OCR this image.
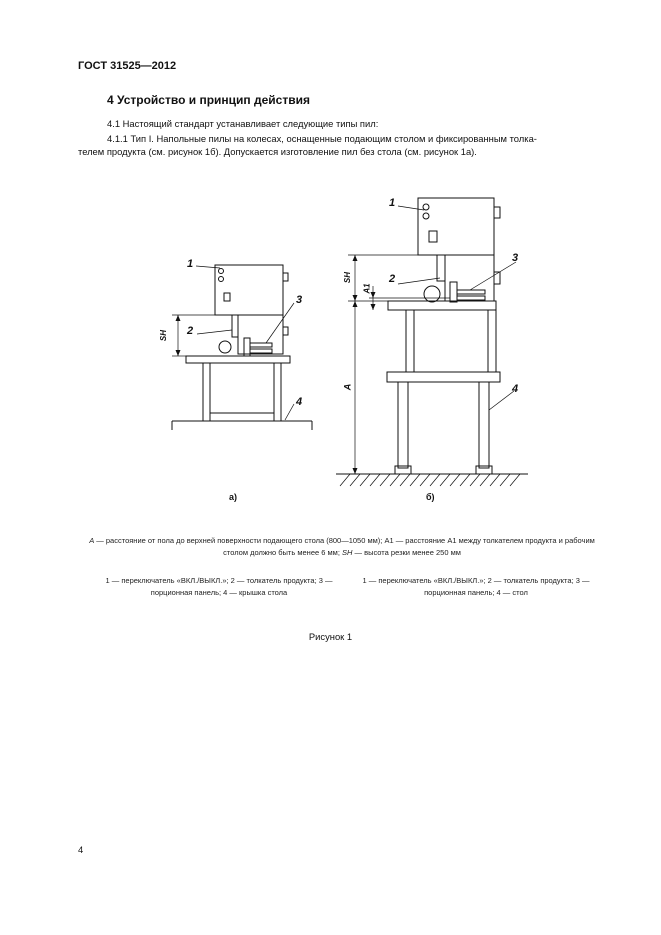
ГОСТ 31525—2012
4 Устройство и принцип действия
4.1 Настоящий стандарт устанавливает следующие типы пил:
4.1.1 Тип I. Напольные пилы на колесах, оснащенные подающим столом и фиксированным толка-
телем продукта (см. рисунок 1б). Допускается изготовление пил без стола (см. рисунок 1а).
1
2
3
4
SH
а)
1
2
3
4
SH
A1
A
б)
A — расстояние от пола до верхней поверхности подающего стола (800—1050 мм); A1 — расстояние A1 между толкателем продукта и рабочим столом должно быть менее 6 мм; SH — высота резки менее 250 мм
1 — переключатель «ВКЛ./ВЫКЛ.»; 2 — толкатель продукта; 3 — порционная панель; 4 — крышка стола
1 — переключатель «ВКЛ./ВЫКЛ.»; 2 — толкатель продукта; 3 — порционная панель; 4 — стол
Рисунок 1
4
